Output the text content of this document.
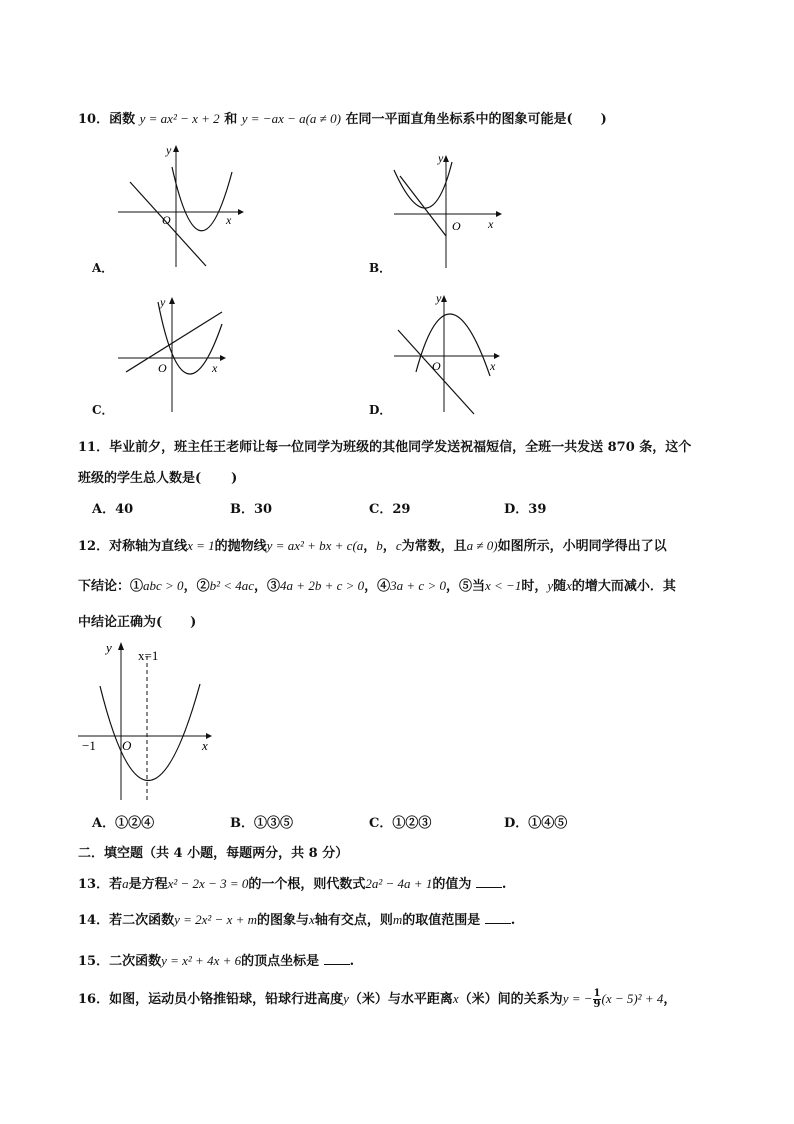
10．函数 y = ax² − x + 2 和 y = −ax − a(a ≠ 0) 在同一平面直角坐标系中的图象可能是( )
y
x
O
A．
y
x
O
B．
y
x
O
C．
y
x
O
D．
11．毕业前夕，班主任王老师让每一位同学为班级的其他同学发送祝福短信，全班一共发送 870 条，这个
班级的学生总人数是( )
A．40	B．30	C．29	D．39
12．对称轴为直线x = 1的抛物线y = ax² + bx + c(a，b，c为常数，且a ≠ 0)如图所示，小明同学得出了以
下结论：①abc > 0，②b² < 4ac，③4a + 2b + c > 0，④3a + c > 0，⑤当x < −1时，y随x的增大而减小．其
中结论正确为( )
y
x
O
−1
x=1
A．①②④	B．①③⑤	C．①②③	D．①④⑤
二．填空题（共 4 小题，每题两分，共 8 分）
13．若a是方程x² − 2x − 3 = 0的一个根，则代数式2a² − 4a + 1的值为 .
14．若二次函数y = 2x² − x + m的图象与x轴有交点，则m的取值范围是 .
15．二次函数y = x² + 4x + 6的顶点坐标是 .
16．如图，运动员小铬推铅球，铅球行进高度y（米）与水平距离x（米）间的关系为y = − $\frac{1}{9} (x - 5)^2 + 4$，
